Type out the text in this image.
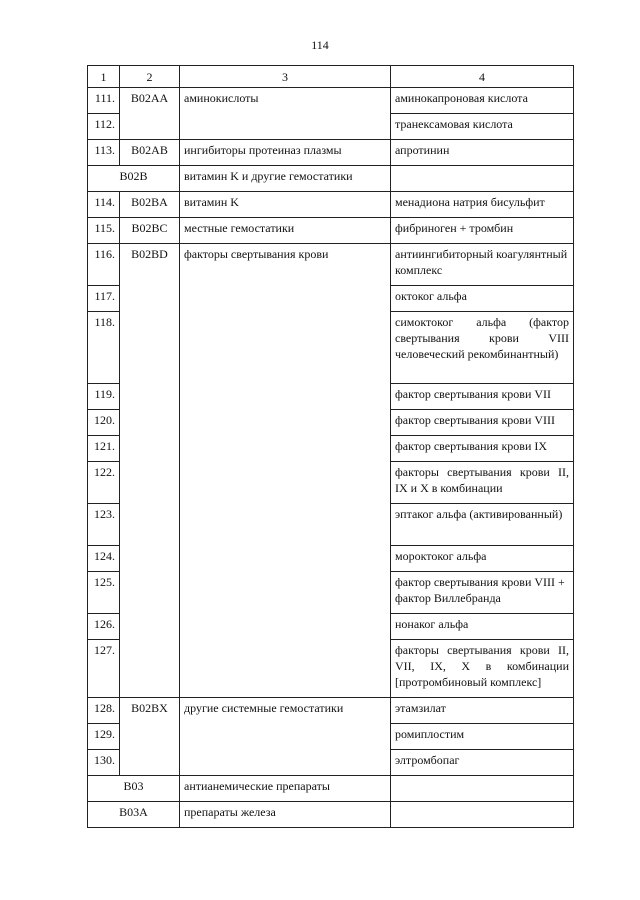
114
1	2	3	4
111.	B02AA	аминокислоты	аминокапроновая кислота
112.			транексамовая кислота
113.	B02AB	ингибиторы протеиназ плазмы	апротинин
B02B		витамин K и другие гемостатики	
114.	B02BA	витамин K	менадиона натрия бисульфит
115.	B02BC	местные гемостатики	фибриноген + тромбин
116.	B02BD	факторы свертывания крови	антиингибиторный коагулянтный комплекс
117.			октоког альфа
118.			симоктоког альфа (фактор свертывания крови VIII человеческий рекомбинантный)
119.			фактор свертывания крови VII
120.			фактор свертывания крови VIII
121.			фактор свертывания крови IX
122.			факторы свертывания крови II, IX и X в комбинации
123.			эптаког альфа (активированный)
124.			мороктоког альфа
125.			фактор свертывания крови VIII + фактор Виллебранда
126.			нонаког альфа
127.			факторы свертывания крови II, VII, IX, X в комбинации [протромбиновый комплекс]
128.	B02BX	другие системные гемостатики	этамзилат
129.			ромиплостим
130.			элтромбопаг
B03		антианемические препараты	
B03A		препараты железа	
